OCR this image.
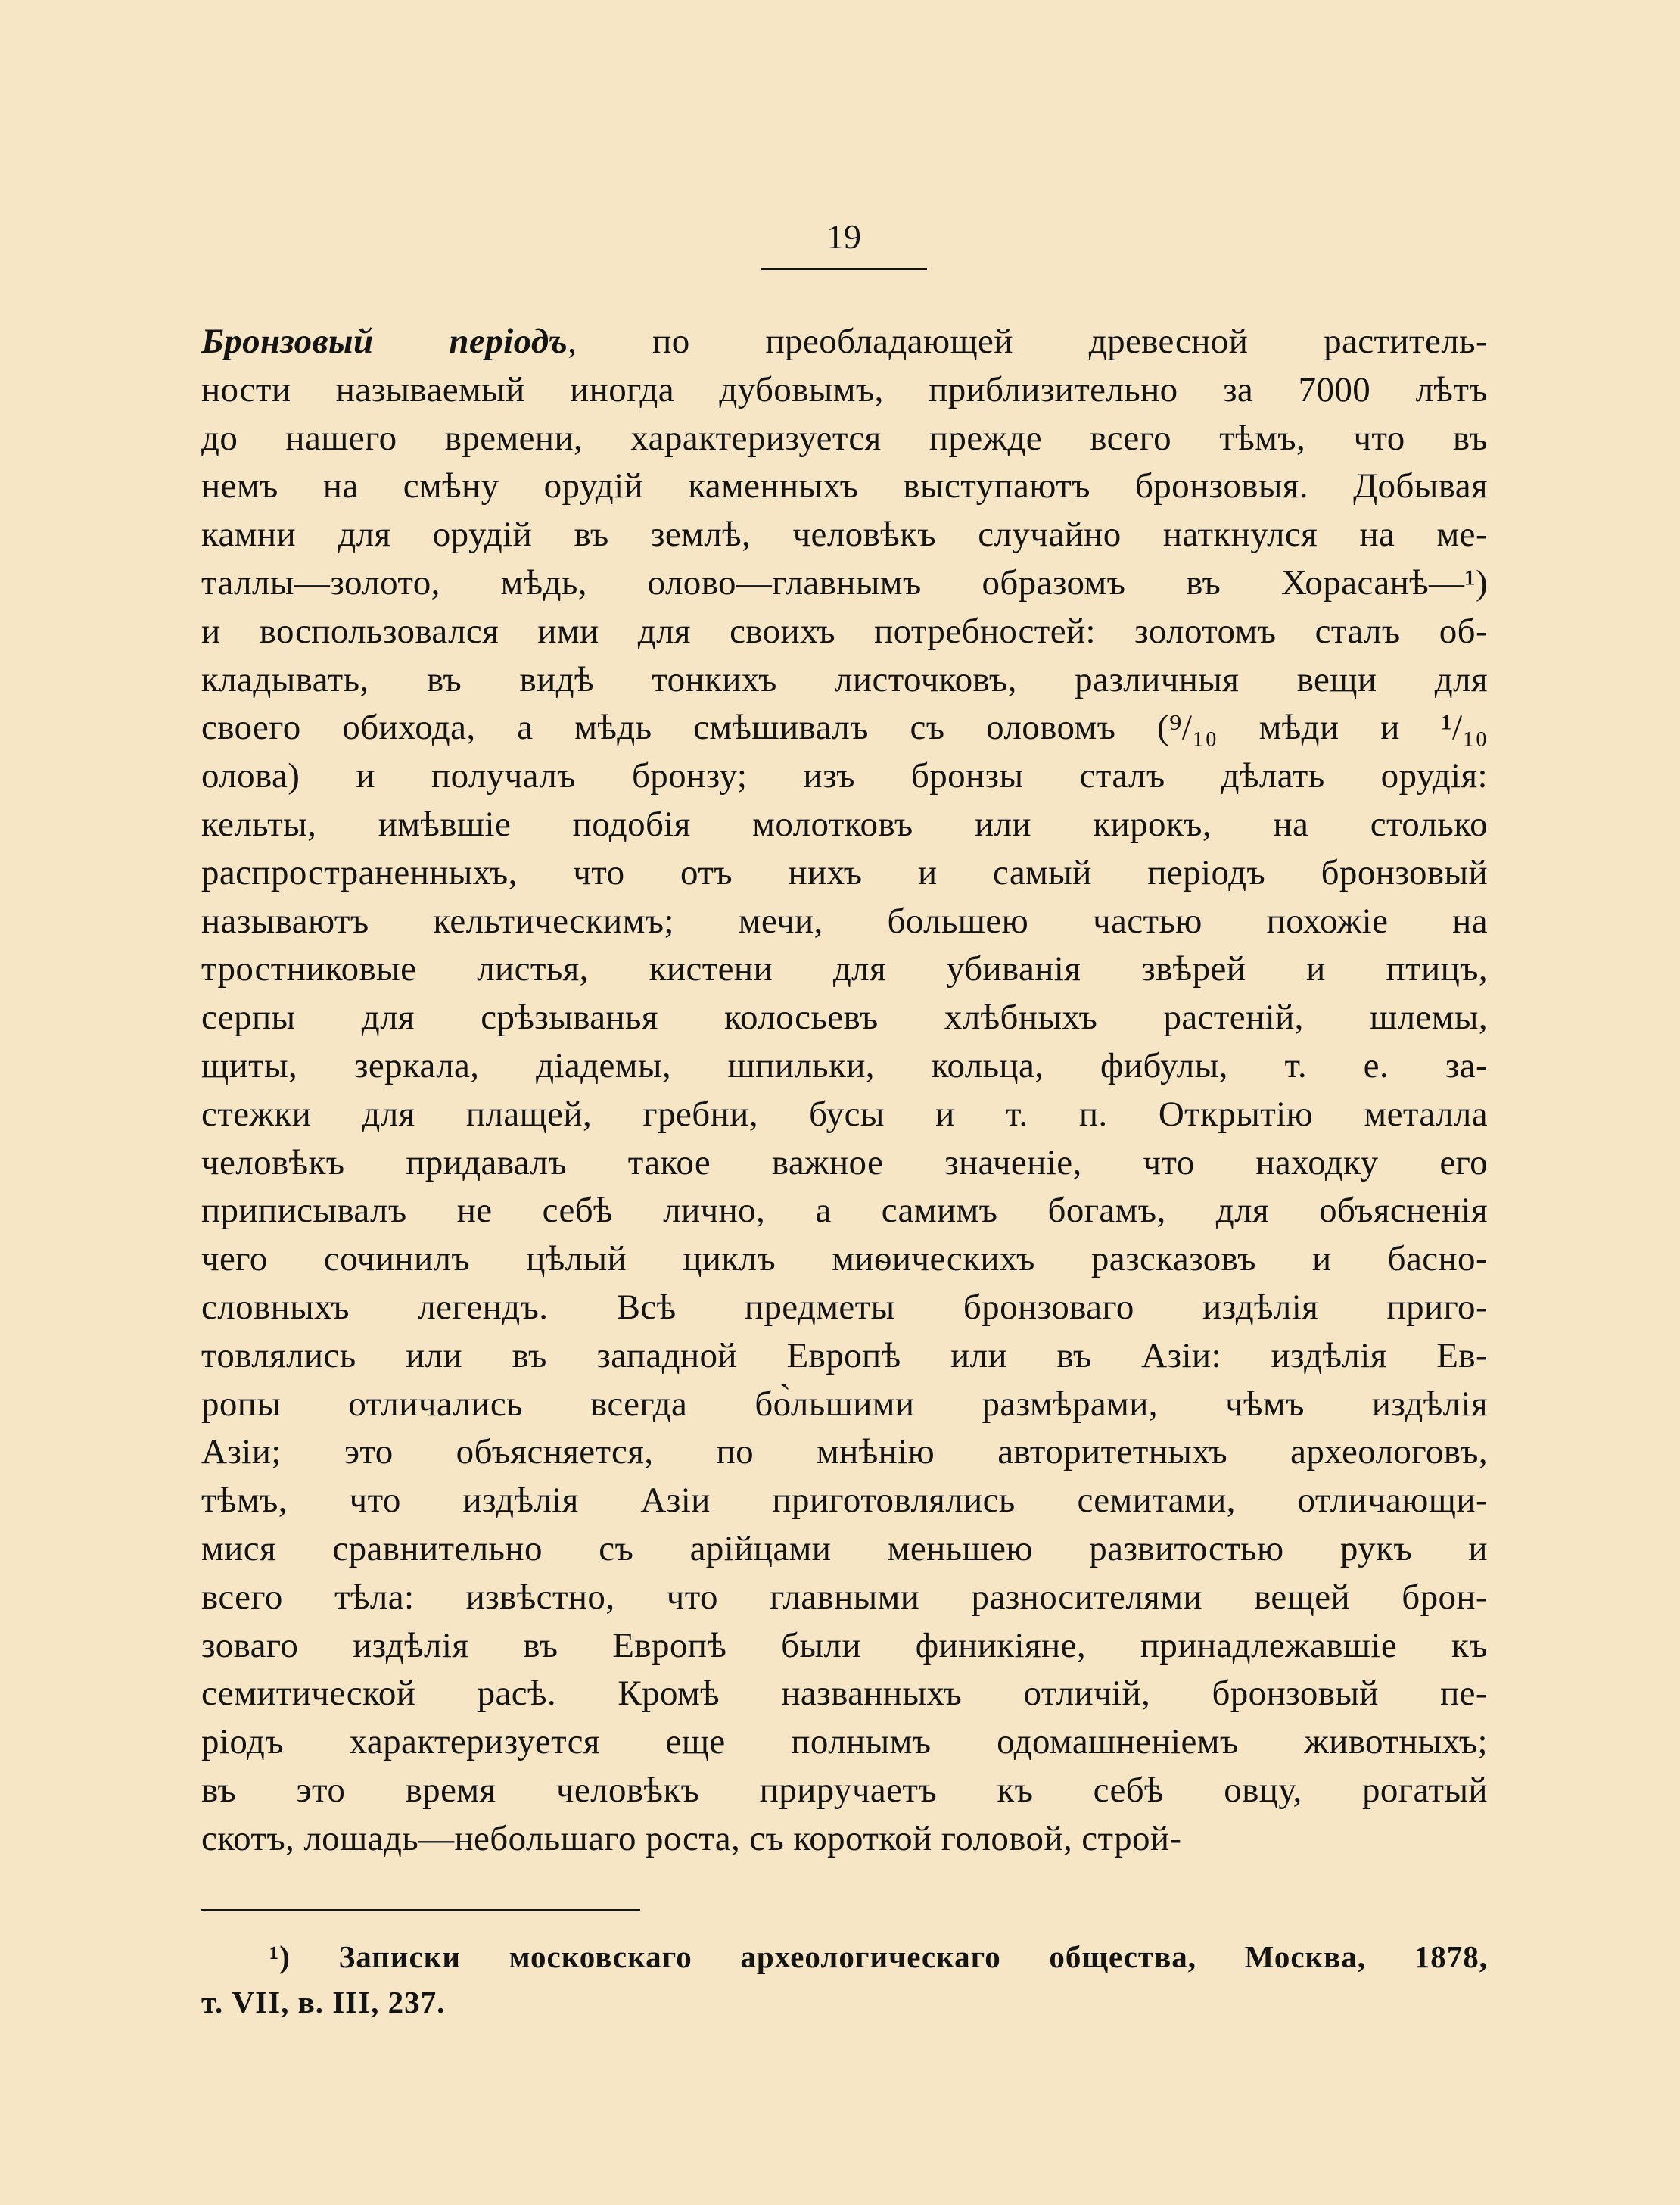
19
Бронзовый періодъ, по преобладающей древесной раститель-
ности называемый иногда дубовымъ, приблизительно за 7000 лѣтъ
до нашего времени, характеризуется прежде всего тѣмъ, что въ
немъ на смѣну орудій каменныхъ выступаютъ бронзовыя. Добывая
камни для орудій въ землѣ, человѣкъ случайно наткнулся на ме-
таллы—золото, мѣдь, олово—главнымъ образомъ въ Хорасанѣ—¹)
и воспользовался ими для своихъ потребностей: золотомъ сталъ об-
кладывать, въ видѣ тонкихъ листочковъ, различныя вещи для
своего обихода, а мѣдь смѣшивалъ съ оловомъ (⁹/₁₀ мѣди и ¹/₁₀
олова) и получалъ бронзу; изъ бронзы сталъ дѣлать орудія:
кельты, имѣвшіе подобія молотковъ или кирокъ, на столько
распространенныхъ, что отъ нихъ и самый періодъ бронзовый
называютъ кельтическимъ; мечи, большею частью похожіе на
тростниковые листья, кистени для убиванія звѣрей и птицъ,
серпы для срѣзыванья колосьевъ хлѣбныхъ растеній, шлемы,
щиты, зеркала, діадемы, шпильки, кольца, фибулы, т. е. за-
стежки для плащей, гребни, бусы и т. п. Открытію металла
человѣкъ придавалъ такое важное значеніе, что находку его
приписывалъ не себѣ лично, а самимъ богамъ, для объясненія
чего сочинилъ цѣлый циклъ миѳическихъ разсказовъ и басно-
словныхъ легендъ. Всѣ предметы бронзоваго издѣлія приго-
товлялись или въ западной Европѣ или въ Азіи: издѣлія Ев-
ропы отличались всегда бо̀льшими размѣрами, чѣмъ издѣлія
Азіи; это объясняется, по мнѣнію авторитетныхъ археологовъ,
тѣмъ, что издѣлія Азіи приготовлялись семитами, отличающи-
мися сравнительно съ арійцами меньшею развитостью рукъ и
всего тѣла: извѣстно, что главными разносителями вещей брон-
зоваго издѣлія въ Европѣ были финикіяне, принадлежавшіе къ
семитической расѣ. Кромѣ названныхъ отличій, бронзовый пе-
ріодъ характеризуется еще полнымъ одомашненіемъ животныхъ;
въ это время человѣкъ приручаетъ къ себѣ овцу, рогатый
скотъ, лошадь—небольшаго роста, съ короткой головой, строй-
¹) Записки московскаго археологическаго общества, Москва, 1878,
т. VII, в. III, 237.
